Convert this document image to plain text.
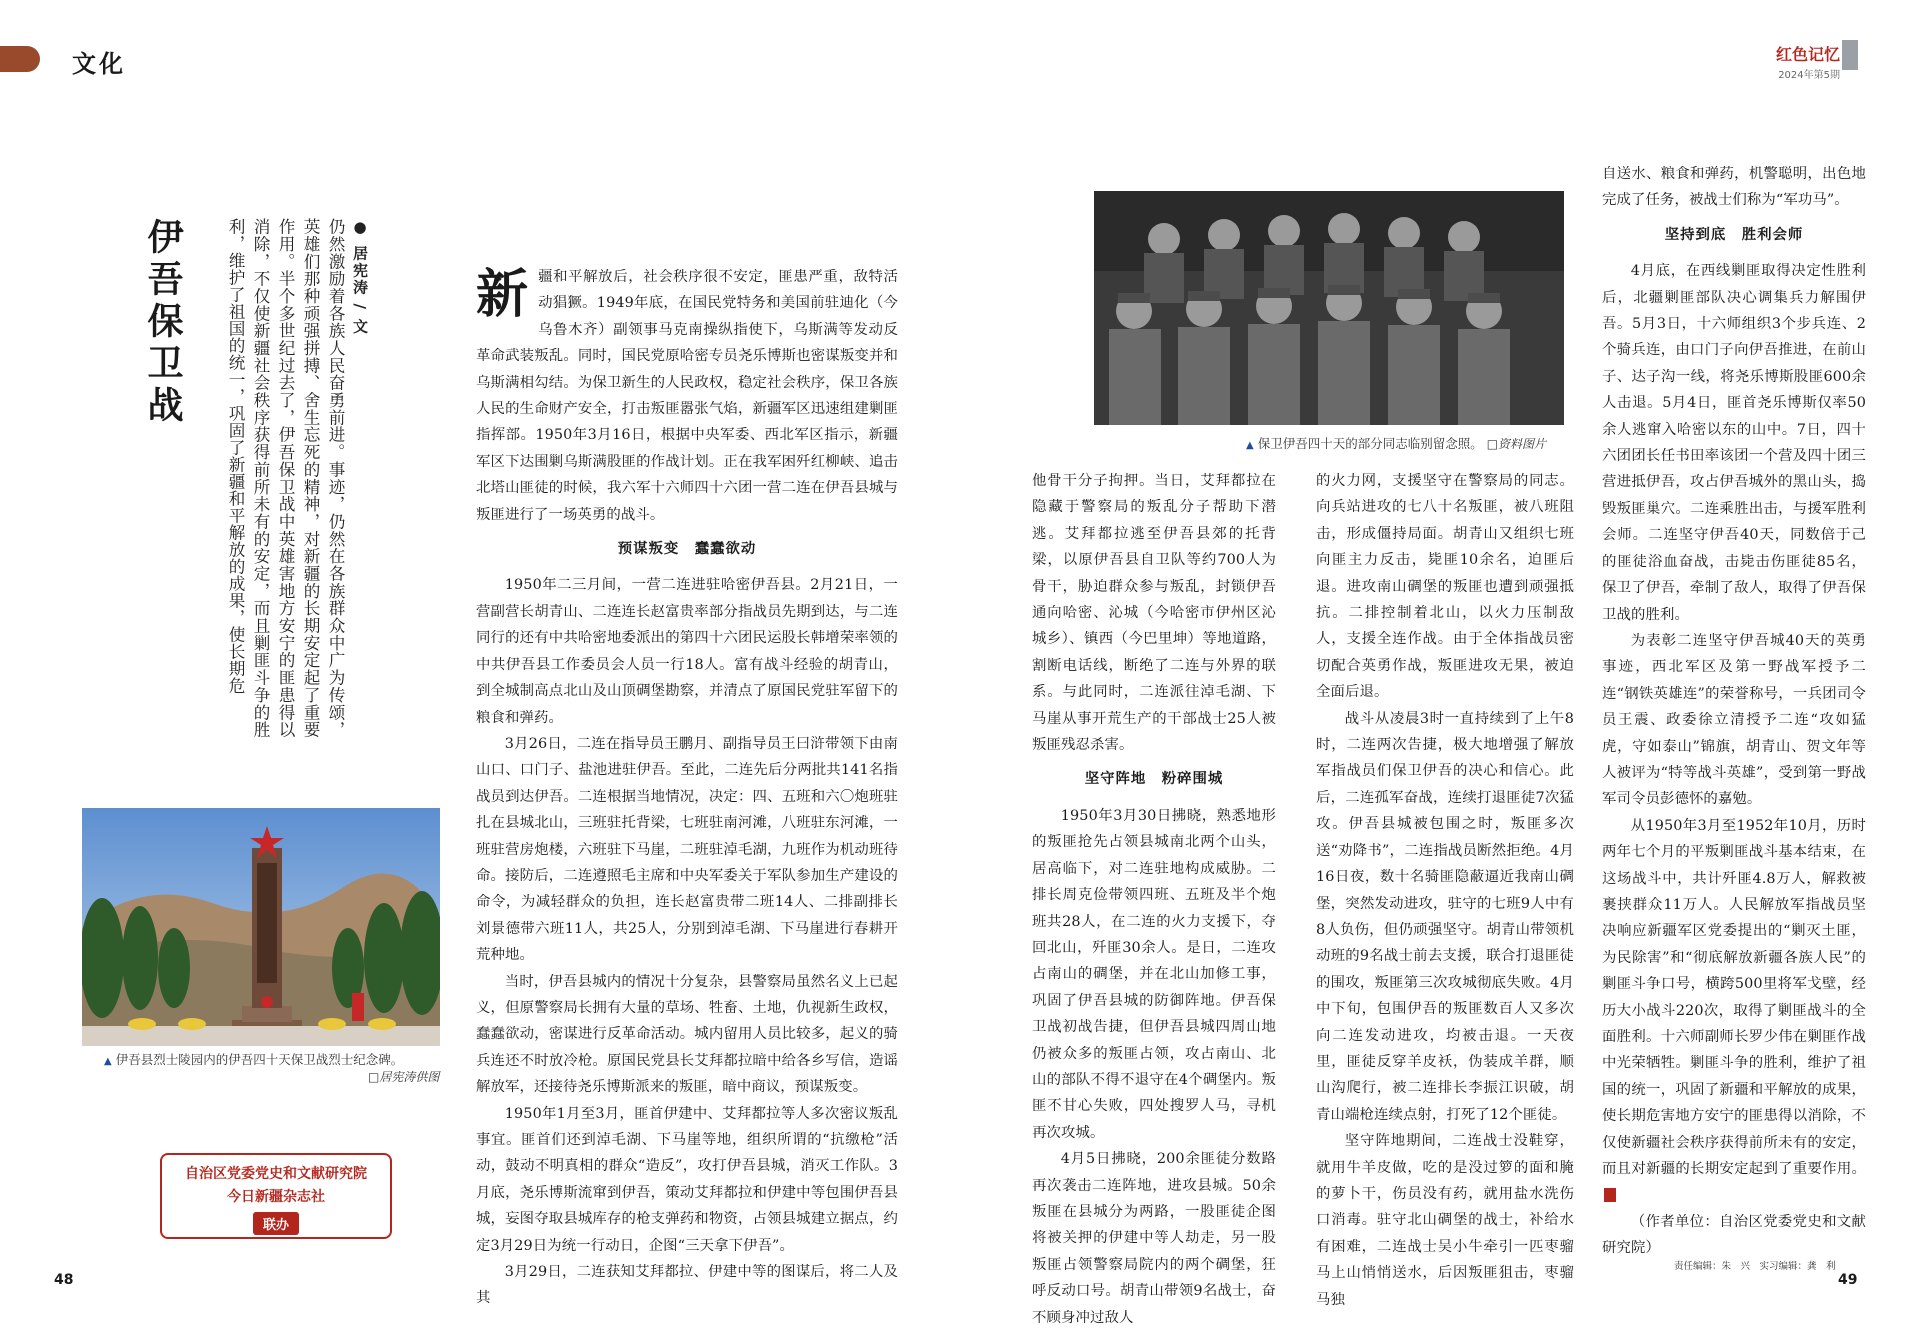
文化	红色记忆
2024年第5期
伊吾保卫战	● 居宪涛 / 文
仍然激励着各族人民奋勇前进。事迹，仍然在各族群众中广为传颂，英雄们那种顽强拼搏、舍生忘死的精神，对新疆的长期安定起了重要作用。半个多世纪过去了，伊吾保卫战中英雄害地方安宁的匪患得以消除，不仅使新疆社会秩序获得前所未有的安定，而且剿匪斗争的胜利，维护了祖国的统一，巩固了新疆和平解放的成果，使长期危
▲ 伊吾县烈士陵园内的伊吾四十天保卫战烈士纪念碑。
□居宪涛供图
▲ 保卫伊吾四十天的部分同志临别留念照。 □资料图片
自治区党委党史和文献研究院
今日新疆杂志社
联办
新 疆和平解放后，社会秩序很不安定，匪患严重，敌特活动猖獗。1949年底，在国民党特务和美国前驻迪化（今乌鲁木齐）副领事马克南操纵指使下，乌斯满等发动反革命武装叛乱。同时，国民党原哈密专员尧乐博斯也密谋叛变并和乌斯满相勾结。为保卫新生的人民政权，稳定社会秩序，保卫各族人民的生命财产安全，打击叛匪嚣张气焰，新疆军区迅速组建剿匪指挥部。1950年3月16日，根据中央军委、西北军区指示，新疆军区下达围剿乌斯满股匪的作战计划。正在我军困歼红柳峡、追击北塔山匪徒的时候，我六军十六师四十六团一营二连在伊吾县城与叛匪进行了一场英勇的战斗。

预谋叛变　蠢蠢欲动

1950年二三月间，一营二连进驻哈密伊吾县。2月21日，一营副营长胡青山、二连连长赵富贵率部分指战员先期到达，与二连同行的还有中共哈密地委派出的第四十六团民运股长韩增荣率领的中共伊吾县工作委员会人员一行18人。富有战斗经验的胡青山，到全城制高点北山及山顶碉堡勘察，并清点了原国民党驻军留下的粮食和弹药。

3月26日，二连在指导员王鹏月、副指导员王曰浒带领下由南山口、口门子、盐池进驻伊吾。至此，二连先后分两批共141名指战员到达伊吾。二连根据当地情况，决定：四、五班和六〇炮班驻扎在县城北山，三班驻托背梁，七班驻南河滩，八班驻东河滩，一班驻营房炮楼，六班驻下马崖，二班驻淖毛湖，九班作为机动班待命。接防后，二连遵照毛主席和中央军委关于军队参加生产建设的命令，为减轻群众的负担，连长赵富贵带二班14人、二排副排长刘景德带六班11人，共25人，分别到淖毛湖、下马崖进行春耕开荒种地。

当时，伊吾县城内的情况十分复杂，县警察局虽然名义上已起义，但原警察局长拥有大量的草场、牲畜、土地，仇视新生政权，蠢蠢欲动，密谋进行反革命活动。城内留用人员比较多，起义的骑兵连还不时放冷枪。原国民党县长艾拜都拉暗中给各乡写信，造谣解放军，还接待尧乐博斯派来的叛匪，暗中商议，预谋叛变。

1950年1月至3月，匪首伊建中、艾拜都拉等人多次密议叛乱事宜。匪首们还到淖毛湖、下马崖等地，组织所谓的“抗缴枪”活动，鼓动不明真相的群众“造反”，攻打伊吾县城，消灭工作队。3月底，尧乐博斯流窜到伊吾，策动艾拜都拉和伊建中等包围伊吾县城，妄图夺取县城库存的枪支弹药和物资，占领县城建立据点，约定3月29日为统一行动日，企图“三天拿下伊吾”。

3月29日，二连获知艾拜都拉、伊建中等的图谋后，将二人及其

他骨干分子拘押。当日，艾拜都拉在隐藏于警察局的叛乱分子帮助下潜逃。艾拜都拉逃至伊吾县郊的托背梁，以原伊吾县自卫队等约700人为骨干，胁迫群众参与叛乱，封锁伊吾通向哈密、沁城（今哈密市伊州区沁城乡）、镇西（今巴里坤）等地道路，割断电话线，断绝了二连与外界的联系。与此同时，二连派往淖毛湖、下马崖从事开荒生产的干部战士25人被叛匪残忍杀害。

坚守阵地　粉碎围城

1950年3月30日拂晓，熟悉地形的叛匪抢先占领县城南北两个山头，居高临下，对二连驻地构成威胁。二排长周克俭带领四班、五班及半个炮班共28人，在二连的火力支援下，夺回北山，歼匪30余人。是日，二连攻占南山的碉堡，并在北山加修工事，巩固了伊吾县城的防御阵地。伊吾保卫战初战告捷，但伊吾县城四周山地仍被众多的叛匪占领，攻占南山、北山的部队不得不退守在4个碉堡内。叛匪不甘心失败，四处搜罗人马，寻机再次攻城。

4月5日拂晓，200余匪徒分数路再次袭击二连阵地，进攻县城。50余叛匪在县城分为两路，一股匪徒企图将被关押的伊建中等人劫走，另一股叛匪占领警察局院内的两个碉堡，狂呼反动口号。胡青山带领9名战士，奋不顾身冲过敌人

的火力网，支援坚守在警察局的同志。向兵站进攻的七八十名叛匪，被八班阻击，形成僵持局面。胡青山又组织七班向匪主力反击，毙匪10余名，迫匪后退。进攻南山碉堡的叛匪也遭到顽强抵抗。二排控制着北山，以火力压制敌人，支援全连作战。由于全体指战员密切配合英勇作战，叛匪进攻无果，被迫全面后退。

战斗从凌晨3时一直持续到了上午8时，二连两次告捷，极大地增强了解放军指战员们保卫伊吾的决心和信心。此后，二连孤军奋战，连续打退匪徒7次猛攻。伊吾县城被包围之时，叛匪多次送“劝降书”，二连指战员断然拒绝。4月16日夜，数十名骑匪隐蔽逼近我南山碉堡，突然发动进攻，驻守的七班9人中有8人负伤，但仍顽强坚守。胡青山带领机动班的9名战士前去支援，联合打退匪徒的围攻，叛匪第三次攻城彻底失败。4月中下旬，包围伊吾的叛匪数百人又多次向二连发动进攻，均被击退。一天夜里，匪徒反穿羊皮袄，伪装成羊群，顺山沟爬行，被二连排长李振江识破，胡青山端枪连续点射，打死了12个匪徒。

坚守阵地期间，二连战士没鞋穿，就用牛羊皮做，吃的是没过箩的面和腌的萝卜干，伤员没有药，就用盐水洗伤口消毒。驻守北山碉堡的战士，补给水有困难，二连战士吴小牛牵引一匹枣骝马上山悄悄送水，后因叛匪狙击，枣骝马独

自送水、粮食和弹药，机警聪明，出色地完成了任务，被战士们称为“军功马”。

坚持到底　胜利会师

4月底，在西线剿匪取得决定性胜利后，北疆剿匪部队决心调集兵力解围伊吾。5月3日，十六师组织3个步兵连、2个骑兵连，由口门子向伊吾推进，在前山子、达子沟一线，将尧乐博斯股匪600余人击退。5月4日，匪首尧乐博斯仅率50余人逃窜入哈密以东的山中。7日，四十六团团长任书田率该团一个营及四十团三营进抵伊吾，攻占伊吾城外的黑山头，捣毁叛匪巢穴。二连乘胜出击，与援军胜利会师。二连坚守伊吾40天，同数倍于己的匪徒浴血奋战，击毙击伤匪徒85名，保卫了伊吾，牵制了敌人，取得了伊吾保卫战的胜利。

为表彰二连坚守伊吾城40天的英勇事迹，西北军区及第一野战军授予二连“钢铁英雄连”的荣誉称号，一兵团司令员王震、政委徐立清授予二连“攻如猛虎，守如泰山”锦旗，胡青山、贺文年等人被评为“特等战斗英雄”，受到第一野战军司令员彭德怀的嘉勉。

从1950年3月至1952年10月，历时两年七个月的平叛剿匪战斗基本结束，在这场战斗中，共计歼匪4.8万人，解救被裹挟群众11万人。人民解放军指战员坚决响应新疆军区党委提出的“剿灭土匪，为民除害”和“彻底解放新疆各族人民”的剿匪斗争口号，横跨500里将军戈壁，经历大小战斗220次，取得了剿匪战斗的全面胜利。十六师副师长罗少伟在剿匪作战中光荣牺牲。剿匪斗争的胜利，维护了祖国的统一，巩固了新疆和平解放的成果，使长期危害地方安宁的匪患得以消除，不仅使新疆社会秩序获得前所未有的安定，而且对新疆的长期安定起到了重要作用。

（作者单位：自治区党委党史和文献研究院）

48
责任编辑：朱　兴　实习编辑：龚　利
49
